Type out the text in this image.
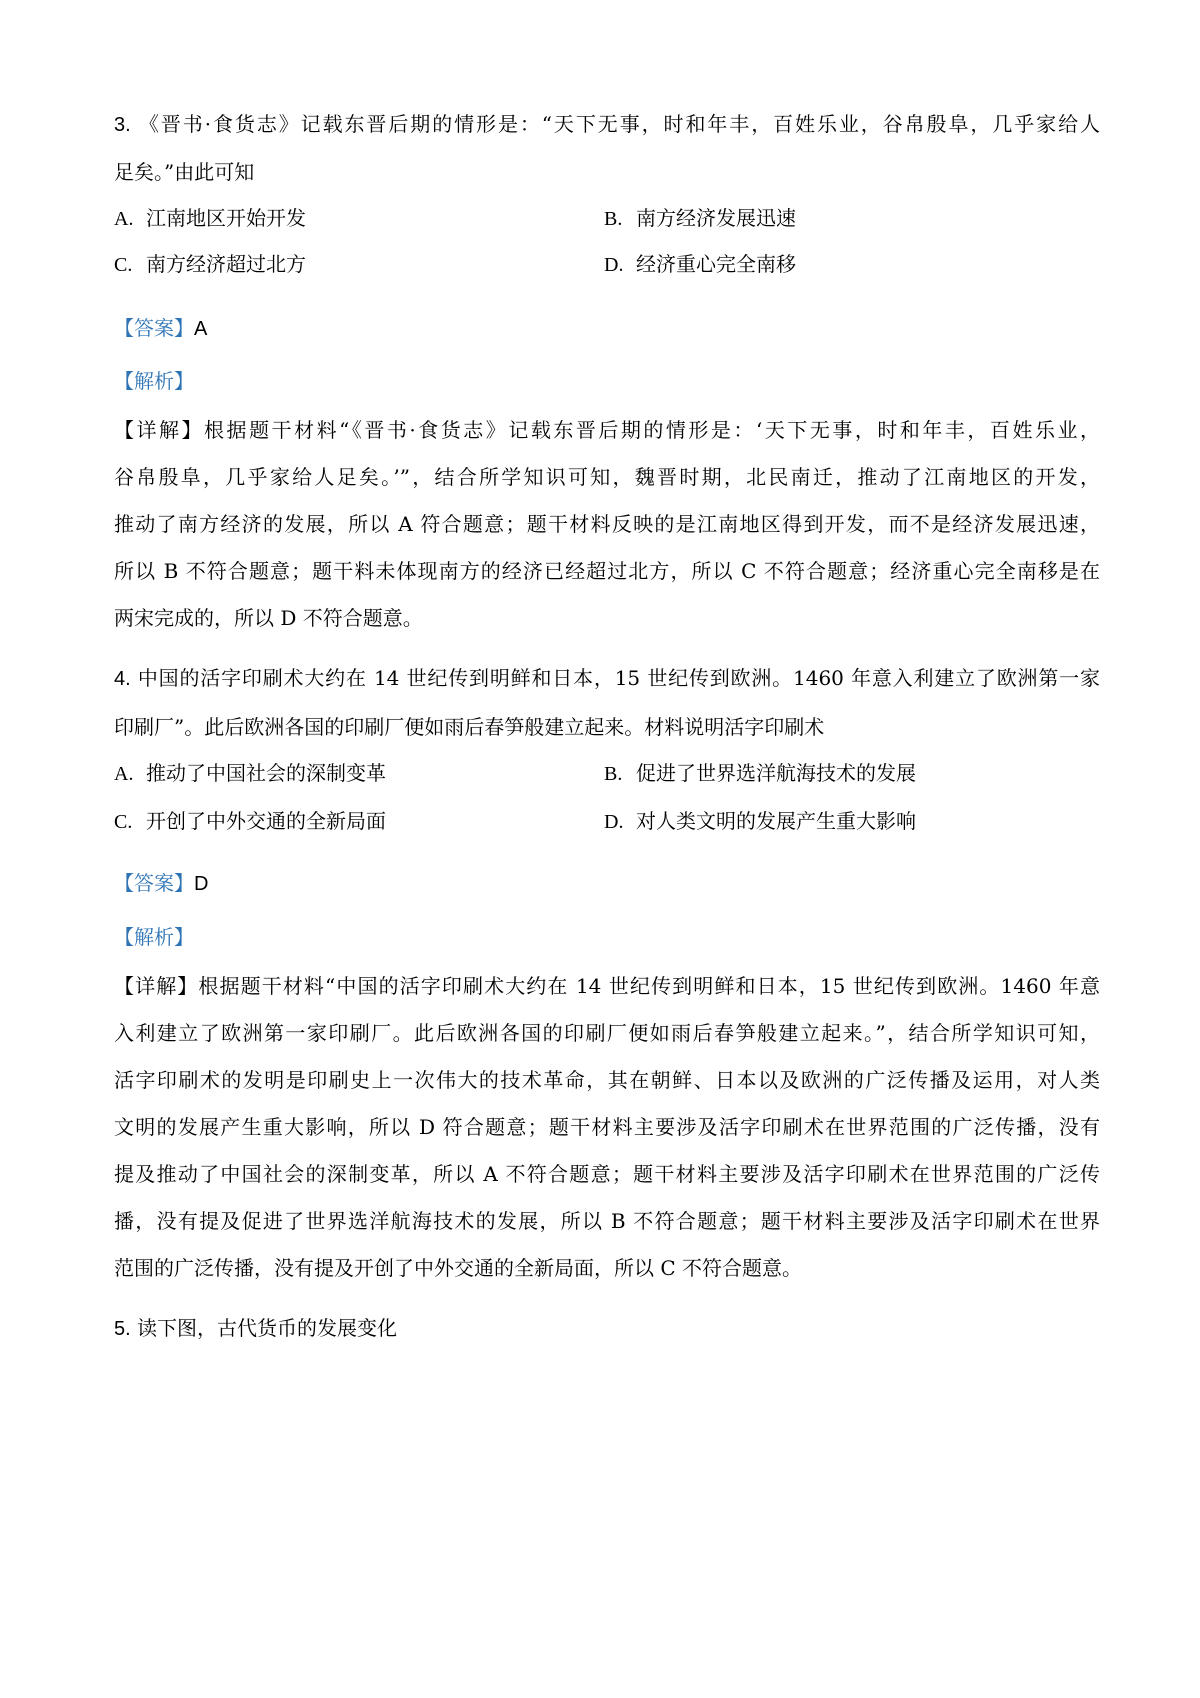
3. 《晋书·食货志》记载东晋后期的情形是：“天下无事，时和年丰，百姓乐业，谷帛殷阜，几乎家给人
足矣。”由此可知
A. 江南地区开始开发	B. 南方经济发展迅速
C. 南方经济超过北方	D. 经济重心完全南移
【答案】A
【解析】
【详解】根据题干材料“《晋书·食货志》记载东晋后期的情形是：‘天下无事，时和年丰，百姓乐业，
谷帛殷阜，几乎家给人足矣。’”，结合所学知识可知，魏晋时期，北民南迁，推动了江南地区的开发，
推动了南方经济的发展，所以 A 符合题意；题干材料反映的是江南地区得到开发，而不是经济发展迅速，
所以 B 不符合题意；题干料未体现南方的经济已经超过北方，所以 C 不符合题意；经济重心完全南移是在
两宋完成的，所以 D 不符合题意。
4. 中国的活字印刷术大约在 14 世纪传到明鲜和日本，15 世纪传到欧洲。1460 年意入利建立了欧洲第一家
印刷厂”。此后欧洲各国的印刷厂便如雨后春笋般建立起来。材料说明活字印刷术
A. 推动了中国社会的深制变革	B. 促进了世界选洋航海技术的发展
C. 开创了中外交通的全新局面	D. 对人类文明的发展产生重大影响
【答案】D
【解析】
【详解】根据题干材料“中国的活字印刷术大约在 14 世纪传到明鲜和日本，15 世纪传到欧洲。1460 年意
入利建立了欧洲第一家印刷厂。此后欧洲各国的印刷厂便如雨后春笋般建立起来。”，结合所学知识可知，
活字印刷术的发明是印刷史上一次伟大的技术革命，其在朝鲜、日本以及欧洲的广泛传播及运用，对人类
文明的发展产生重大影响，所以 D 符合题意；题干材料主要涉及活字印刷术在世界范围的广泛传播，没有
提及推动了中国社会的深制变革，所以 A 不符合题意；题干材料主要涉及活字印刷术在世界范围的广泛传
播，没有提及促进了世界选洋航海技术的发展，所以 B 不符合题意；题干材料主要涉及活字印刷术在世界
范围的广泛传播，没有提及开创了中外交通的全新局面，所以 C 不符合题意。
5. 读下图，古代货币的发展变化
